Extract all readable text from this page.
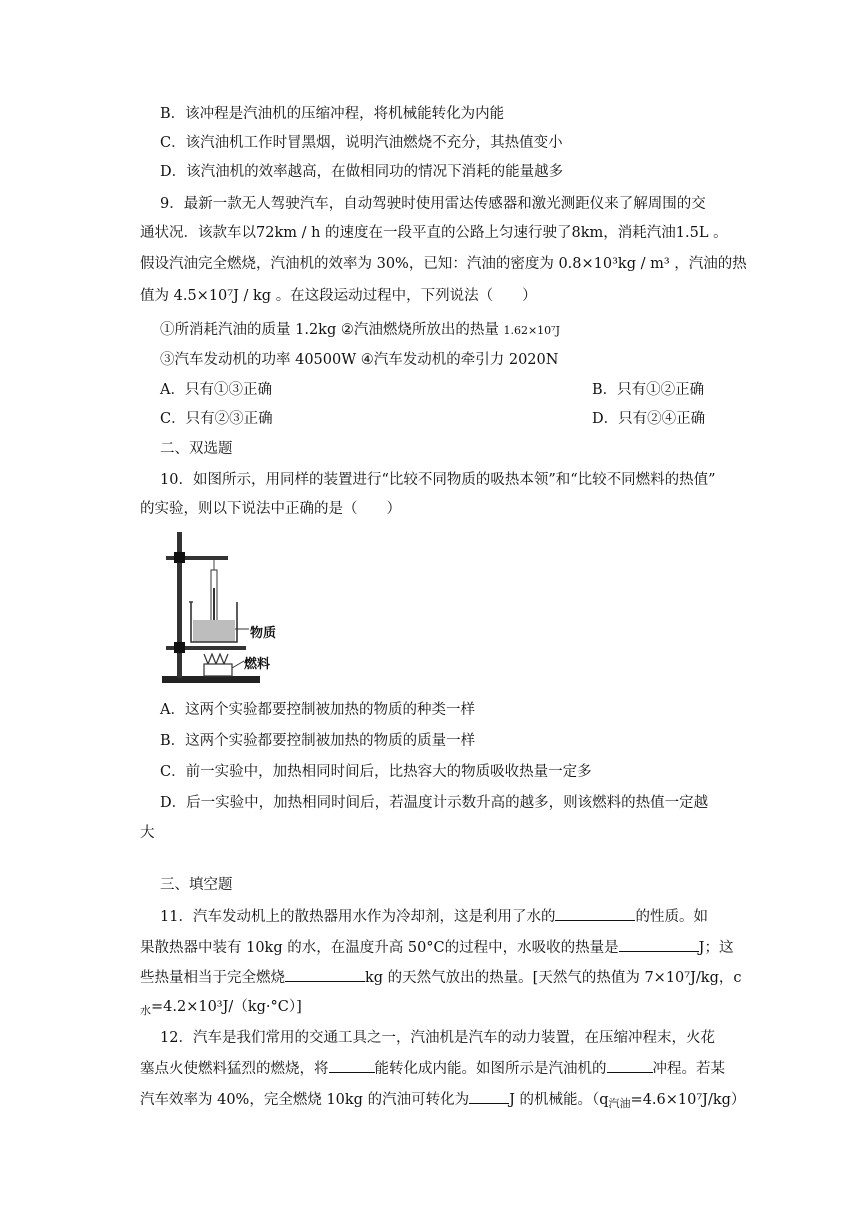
B．该冲程是汽油机的压缩冲程，将机械能转化为内能
C．该汽油机工作时冒黑烟，说明汽油燃烧不充分，其热值变小
D．该汽油机的效率越高，在做相同功的情况下消耗的能量越多
9．最新一款无人驾驶汽车，自动驾驶时使用雷达传感器和激光测距仪来了解周围的交
通状况．该款车以72km / h 的速度在一段平直的公路上匀速行驶了8km，消耗汽油1.5L 。
假设汽油完全燃烧，汽油机的效率为 30%，已知：汽油的密度为 0.8×10³kg / m³ ，汽油的热
值为 4.5×10⁷J / kg 。在这段运动过程中，下列说法（　　）
①所消耗汽油的质量 1.2kg ②汽油燃烧所放出的热量 1.62×10⁷J
③汽车发动机的功率 40500W ④汽车发动机的牵引力 2020N
A．只有①③正确	B．只有①②正确
C．只有②③正确	D．只有②④正确
二、双选题
10．如图所示，用同样的装置进行“比较不同物质的吸热本领”和“比较不同燃料的热值”
的实验，则以下说法中正确的是（　　）
物质
燃料
A．这两个实验都要控制被加热的物质的种类一样
B．这两个实验都要控制被加热的物质的质量一样
C．前一实验中，加热相同时间后，比热容大的物质吸收热量一定多
D．后一实验中，加热相同时间后，若温度计示数升高的越多，则该燃料的热值一定越
大
三、填空题
11．汽车发动机上的散热器用水作为冷却剂，这是利用了水的	的性质。如
果散热器中装有 10kg 的水，在温度升高 50°C的过程中，水吸收的热量是	J；这
些热量相当于完全燃烧	kg 的天然气放出的热量。[天然气的热值为 7×10⁷J/kg，c
$_水$=4.2×10³J/（kg·°C）]
12．汽车是我们常用的交通工具之一，汽油机是汽车的动力装置，在压缩冲程末，火花
塞点火使燃料猛烈的燃烧，将	能转化成内能。如图所示是汽油机的	冲程。若某
汽车效率为 40%，完全燃烧 10kg 的汽油可转化为	J 的机械能。$(q_{汽油}=4.6\times 10^7J/kg)$
